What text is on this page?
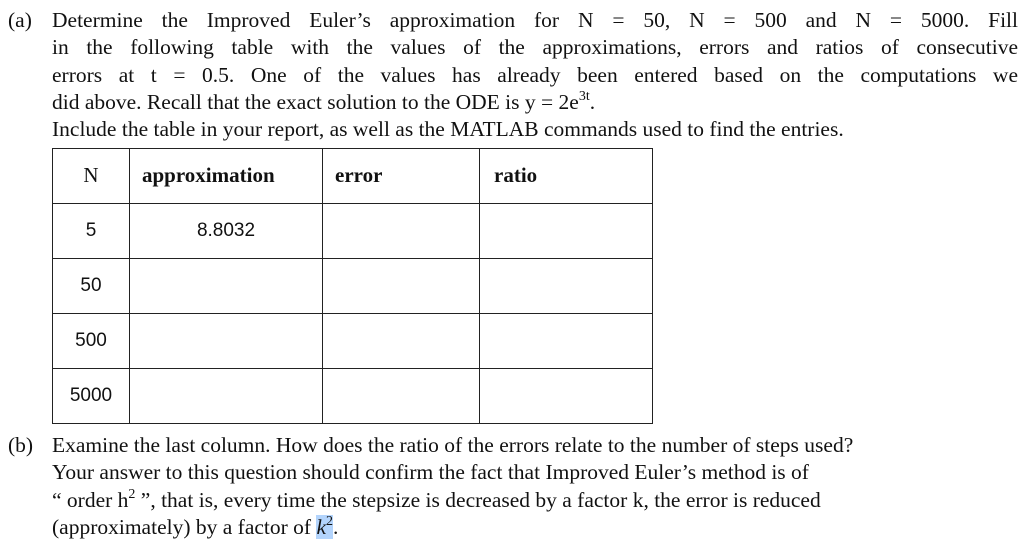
(a) Determine the Improved Euler’s approximation for N = 50, N = 500 and N = 5000. Fill
in the following table with the values of the approximations, errors and ratios of consecutive
errors at t = 0.5. One of the values has already been entered based on the computations we
did above. Recall that the exact solution to the ODE is $y = 2e^{3t}$.
Include the table in your report, as well as the MATLAB commands used to find the entries.
N	approximation	error	ratio
5	8.8032		
50			
500			
5000			
(b) Examine the last column. How does the ratio of the errors relate to the number of steps used?
Your answer to this question should confirm the fact that Improved Euler’s method is of
“ order $h^2$ ”, that is, every time the stepsize is decreased by a factor k, the error is reduced
(approximately) by a factor of $k^2$.
